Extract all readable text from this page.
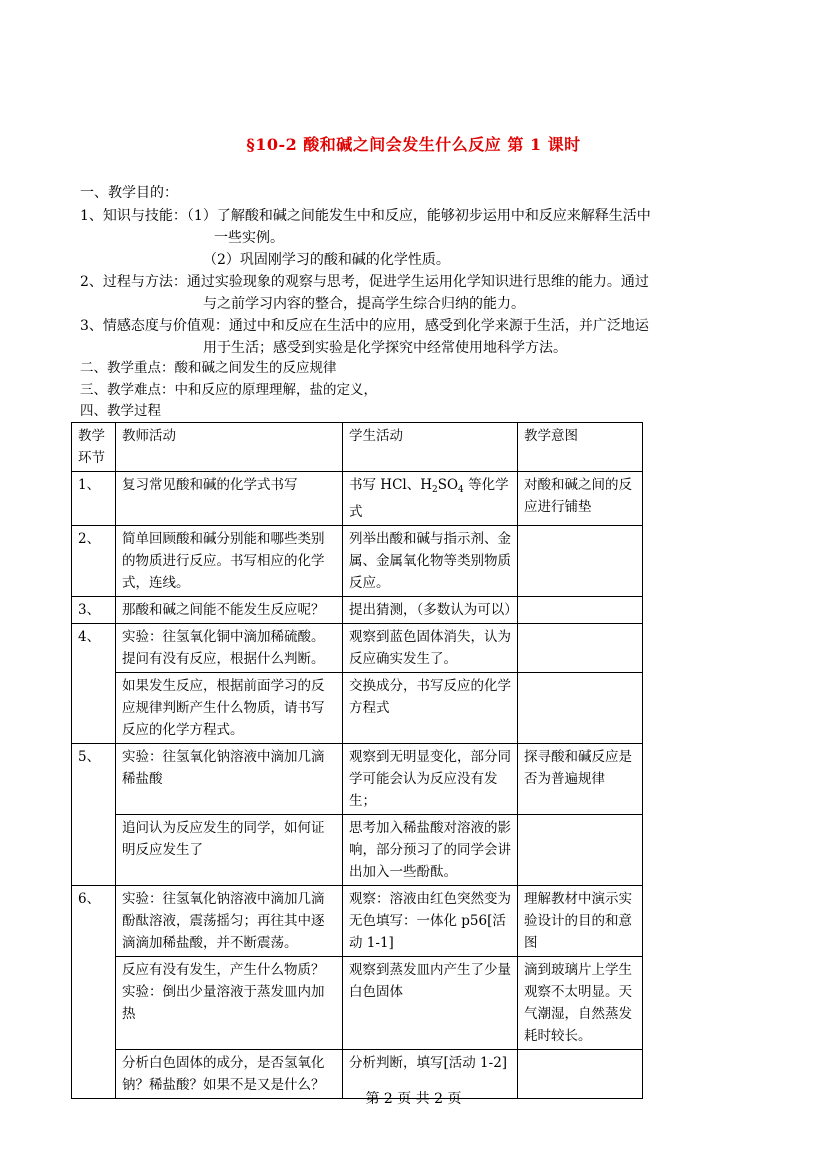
§10-2 酸和碱之间会发生什么反应 第 1 课时
一、教学目的：
1、知识与技能：（1）了解酸和碱之间能发生中和反应，能够初步运用中和反应来解释生活中
一些实例。
（2）巩固刚学习的酸和碱的化学性质。
2、过程与方法：通过实验现象的观察与思考，促进学生运用化学知识进行思维的能力。通过
与之前学习内容的整合，提高学生综合归纳的能力。
3、情感态度与价值观：通过中和反应在生活中的应用，感受到化学来源于生活，并广泛地运
用于生活；感受到实验是化学探究中经常使用地科学方法。
二、教学重点：酸和碱之间发生的反应规律
三、教学难点：中和反应的原理理解，盐的定义，
四、教学过程
教学环节	教师活动	学生活动	教学意图
1、	复习常见酸和碱的化学式书写	书写 HCl、$H_2SO_4$ 等化学式	对酸和碱之间的反应进行铺垫
2、	简单回顾酸和碱分别能和哪些类别的物质进行反应。书写相应的化学式，连线。	列举出酸和碱与指示剂、金属、金属氧化物等类别物质反应。	
3、	那酸和碱之间能不能发生反应呢？	提出猜测，（多数认为可以）	
4、	实验：往氢氧化铜中滴加稀硫酸。提问有没有反应，根据什么判断。	观察到蓝色固体消失，认为反应确实发生了。	
	如果发生反应，根据前面学习的反应规律判断产生什么物质，请书写反应的化学方程式。	交换成分，书写反应的化学方程式	
5、	实验：往氢氧化钠溶液中滴加几滴稀盐酸	观察到无明显变化，部分同学可能会认为反应没有发生；	探寻酸和碱反应是否为普遍规律
	追问认为反应发生的同学，如何证明反应发生了	思考加入稀盐酸对溶液的影响，部分预习了的同学会讲出加入一些酚酞。	
6、	实验：往氢氧化钠溶液中滴加几滴酚酞溶液，震荡摇匀；再往其中逐滴滴加稀盐酸，并不断震荡。	观察：溶液由红色突然变为无色填写：一体化 p56[活动 1-1]	理解教材中演示实验设计的目的和意图
	反应有没有发生，产生什么物质？实验：倒出少量溶液于蒸发皿内加热	观察到蒸发皿内产生了少量白色固体	滴到玻璃片上学生观察不太明显。天气潮湿，自然蒸发耗时较长。
	分析白色固体的成分，是否氢氧化钠？稀盐酸？如果不是又是什么？	分析判断，填写[活动 1-2]	
第 2 页 共 2 页
